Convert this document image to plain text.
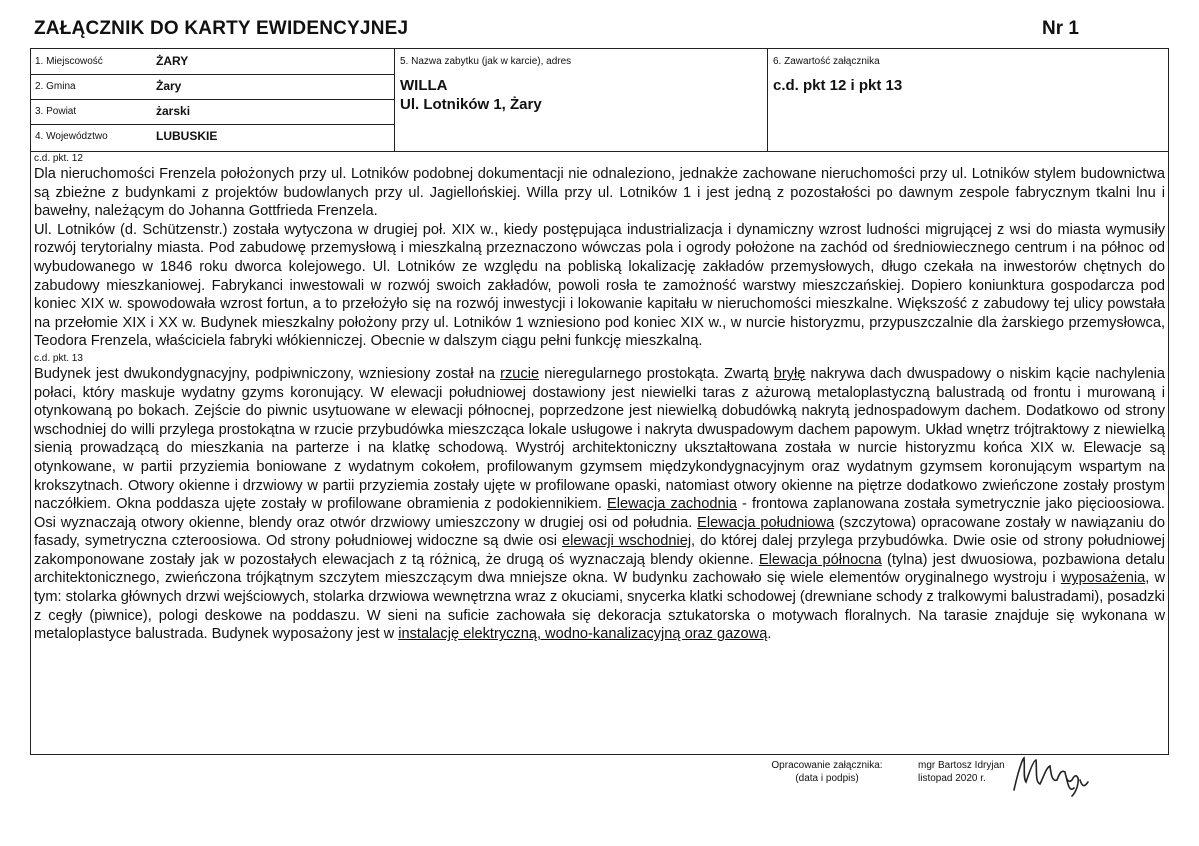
ZAŁĄCZNIK DO KARTY EWIDENCYJNEJ	Nr 1
1. Miejscowość	ŻARY
2. Gmina	Żary
3. Powiat	żarski
4. Województwo	LUBUSKIE
5. Nazwa zabytku (jak w karcie), adres
WILLA
Ul. Lotników 1, Żary
6. Zawartość załącznika
c.d. pkt 12 i pkt 13
c.d. pkt. 12

Dla nieruchomości Frenzela położonych przy ul. Lotników podobnej dokumentacji nie odnaleziono, jednakże zachowane nieruchomości przy ul. Lotników stylem budownictwa są zbieżne z budynkami z projektów budowlanych przy ul. Jagiellońskiej. Willa przy ul. Lotników 1 i jest jedną z pozostałości po dawnym zespole fabrycznym tkalni lnu i bawełny, należącym do Johanna Gottfrieda Frenzela.

Ul. Lotników (d. Schützenstr.) została wytyczona w drugiej poł. XIX w., kiedy postępująca industrializacja i dynamiczny wzrost ludności migrującej z wsi do miasta wymusiły rozwój terytorialny miasta. Pod zabudowę przemysłową i mieszkalną przeznaczono wówczas pola i ogrody położone na zachód od średniowiecznego centrum i na północ od wybudowanego w 1846 roku dworca kolejowego. Ul. Lotników ze względu na pobliską lokalizację zakładów przemysłowych, długo czekała na inwestorów chętnych do zabudowy mieszkaniowej. Fabrykanci inwestowali w rozwój swoich zakładów, powoli rosła te zamożność warstwy mieszczańskiej. Dopiero koniunktura gospodarcza pod koniec XIX w. spowodowała wzrost fortun, a to przełożyło się na rozwój inwestycji i lokowanie kapitału w nieruchomości mieszkalne. Większość z zabudowy tej ulicy powstała na przełomie XIX i XX w. Budynek mieszkalny położony przy ul. Lotników 1 wzniesiono pod koniec XIX w., w nurcie historyzmu, przypuszczalnie dla żarskiego przemysłowca, Teodora Frenzela, właściciela fabryki włókienniczej. Obecnie w dalszym ciągu pełni funkcję mieszkalną.

c.d. pkt. 13

Budynek jest dwukondygnacyjny, podpiwniczony, wzniesiony został na rzucie nieregularnego prostokąta. Zwartą bryłę nakrywa dach dwuspadowy o niskim kącie nachylenia połaci, który maskuje wydatny gzyms koronujący. W elewacji południowej dostawiony jest niewielki taras z ażurową metaloplastyczną balustradą od frontu i murowaną i otynkowaną po bokach. Zejście do piwnic usytuowane w elewacji północnej, poprzedzone jest niewielką dobudówką nakrytą jednospadowym dachem. Dodatkowo od strony wschodniej do willi przylega prostokątna w rzucie przybudówka mieszcząca lokale usługowe i nakryta dwuspadowym dachem papowym. Układ wnętrz trójtraktowy z niewielką sienią prowadzącą do mieszkania na parterze i na klatkę schodową. Wystrój architektoniczny ukształtowana została w nurcie historyzmu końca XIX w. Elewacje są otynkowane, w partii przyziemia boniowane z wydatnym cokołem, profilowanym gzymsem międzykondygnacyjnym oraz wydatnym gzymsem koronującym wspartym na krokszytnach. Otwory okienne i drzwiowy w partii przyziemia zostały ujęte w profilowane opaski, natomiast otwory okienne na piętrze dodatkowo zwieńczone zostały prostym naczółkiem. Okna poddasza ujęte zostały w profilowane obramienia z podokiennikiem. Elewacja zachodnia - frontowa zaplanowana została symetrycznie jako pięcioosiowa. Osi wyznaczają otwory okienne, blendy oraz otwór drzwiowy umieszczony w drugiej osi od południa. Elewacja południowa (szczytowa) opracowane zostały w nawiązaniu do fasady, symetryczna czteroosiowa. Od strony południowej widoczne są dwie osi elewacji wschodniej, do której dalej przylega przybudówka. Dwie osie od strony południowej zakomponowane zostały jak w pozostałych elewacjach z tą różnicą, że drugą oś wyznaczają blendy okienne. Elewacja północna (tylna) jest dwuosiowa, pozbawiona detalu architektonicznego, zwieńczona trójkątnym szczytem mieszczącym dwa mniejsze okna. W budynku zachowało się wiele elementów oryginalnego wystroju i wyposażenia, w tym: stolarka głównych drzwi wejściowych, stolarka drzwiowa wewnętrzna wraz z okuciami, snycerka klatki schodowej (drewniane schody z tralkowymi balustradami), posadzki z cegły (piwnice), pologi deskowe na poddaszu. W sieni na suficie zachowała się dekoracja sztukatorska o motywach floralnych. Na tarasie znajduje się wykonana w metaloplastyce balustrada. Budynek wyposażony jest w instalację elektryczną, wodno-kanalizacyjną oraz gazową.

Opracowanie załącznika:
(data i podpis)
mgr Bartosz Idryjan
listopad 2020 r.
